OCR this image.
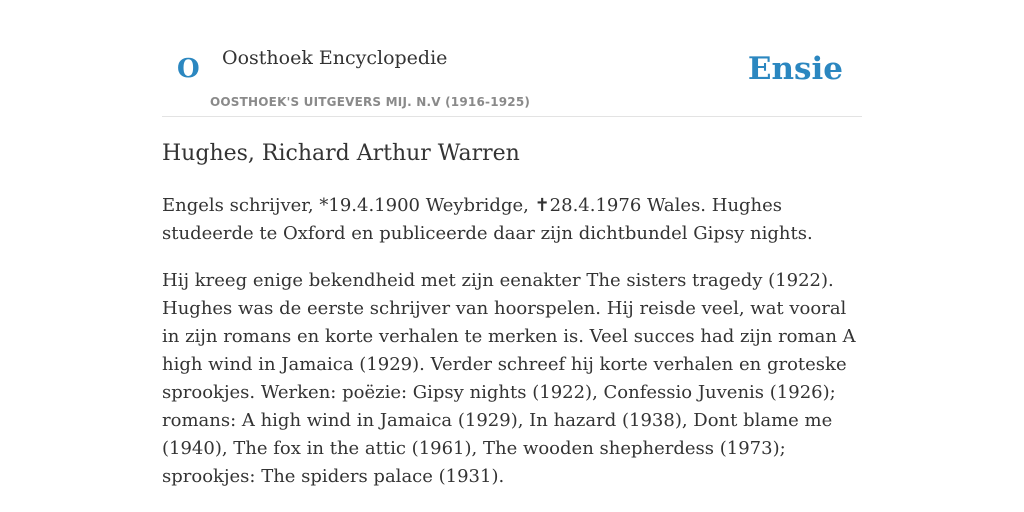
O Oosthoek Encyclopedie
OOSTHOEK'S UITGEVERS MIJ. N.V (1916-1925)
Ensie
Hughes, Richard Arthur Warren

Engels schrijver, *19.4.1900 Weybridge, ✝28.4.1976 Wales. Hughes studeerde te Oxford en publiceerde daar zijn dichtbundel Gipsy nights.

Hij kreeg enige bekendheid met zijn eenakter The sisters tragedy (1922). Hughes was de eerste schrijver van hoorspelen. Hij reisde veel, wat vooral in zijn romans en korte verhalen te merken is. Veel succes had zijn roman A high wind in Jamaica (1929). Verder schreef hij korte verhalen en groteske sprookjes. Werken: poëzie: Gipsy nights (1922), Confessio Juvenis (1926); romans: A high wind in Jamaica (1929), In hazard (1938), Dont blame me (1940), The fox in the attic (1961), The wooden shepherdess (1973); sprookjes: The spiders palace (1931).
